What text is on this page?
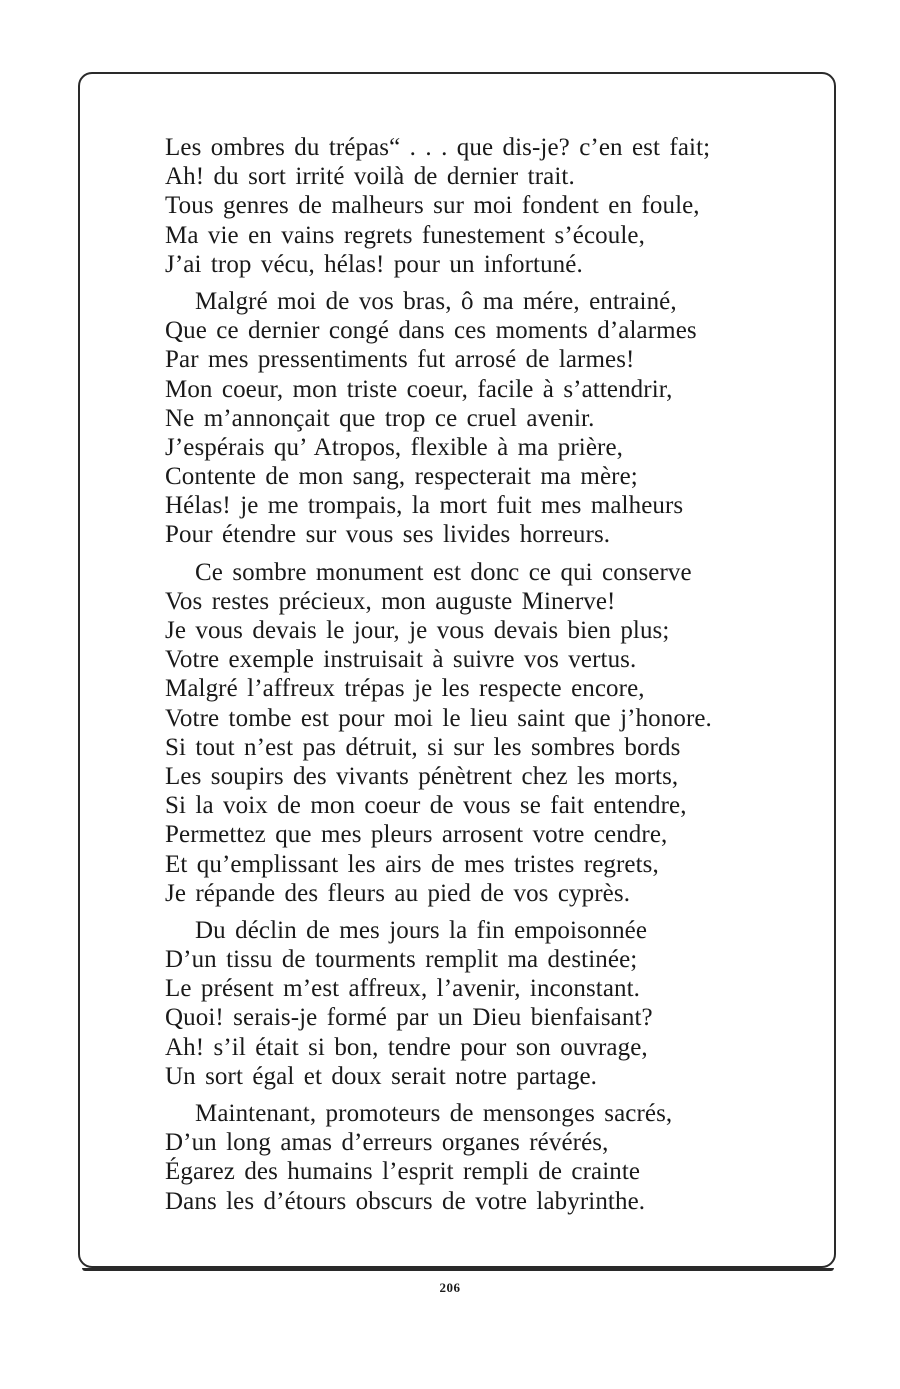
Les ombres du trépas“ . . . que dis-je? c’en est fait;
Ah! du sort irrité voilà de dernier trait.
Tous genres de malheurs sur moi fondent en foule,
Ma vie en vains regrets funestement s’écoule,
J’ai trop vécu, hélas! pour un infortuné.
Malgré moi de vos bras, ô ma mére, entrainé,
Que ce dernier congé dans ces moments d’alarmes
Par mes pressentiments fut arrosé de larmes!
Mon coeur, mon triste coeur, facile à s’attendrir,
Ne m’annonçait que trop ce cruel avenir.
J’espérais qu’ Atropos, flexible à ma prière,
Contente de mon sang, respecterait ma mère;
Hélas! je me trompais, la mort fuit mes malheurs
Pour étendre sur vous ses livides horreurs.
Ce sombre monument est donc ce qui conserve
Vos restes précieux, mon auguste Minerve!
Je vous devais le jour, je vous devais bien plus;
Votre exemple instruisait à suivre vos vertus.
Malgré l’affreux trépas je les respecte encore,
Votre tombe est pour moi le lieu saint que j’honore.
Si tout n’est pas détruit, si sur les sombres bords
Les soupirs des vivants pénètrent chez les morts,
Si la voix de mon coeur de vous se fait entendre,
Permettez que mes pleurs arrosent votre cendre,
Et qu’emplissant les airs de mes tristes regrets,
Je répande des fleurs au pied de vos cyprès.
Du déclin de mes jours la fin empoisonnée
D’un tissu de tourments remplit ma destinée;
Le présent m’est affreux, l’avenir, inconstant.
Quoi! serais-je formé par un Dieu bienfaisant?
Ah! s’il était si bon, tendre pour son ouvrage,
Un sort égal et doux serait notre partage.
Maintenant, promoteurs de mensonges sacrés,
D’un long amas d’erreurs organes révérés,
Égarez des humains l’esprit rempli de crainte
Dans les d’étours obscurs de votre labyrinthe.
206
